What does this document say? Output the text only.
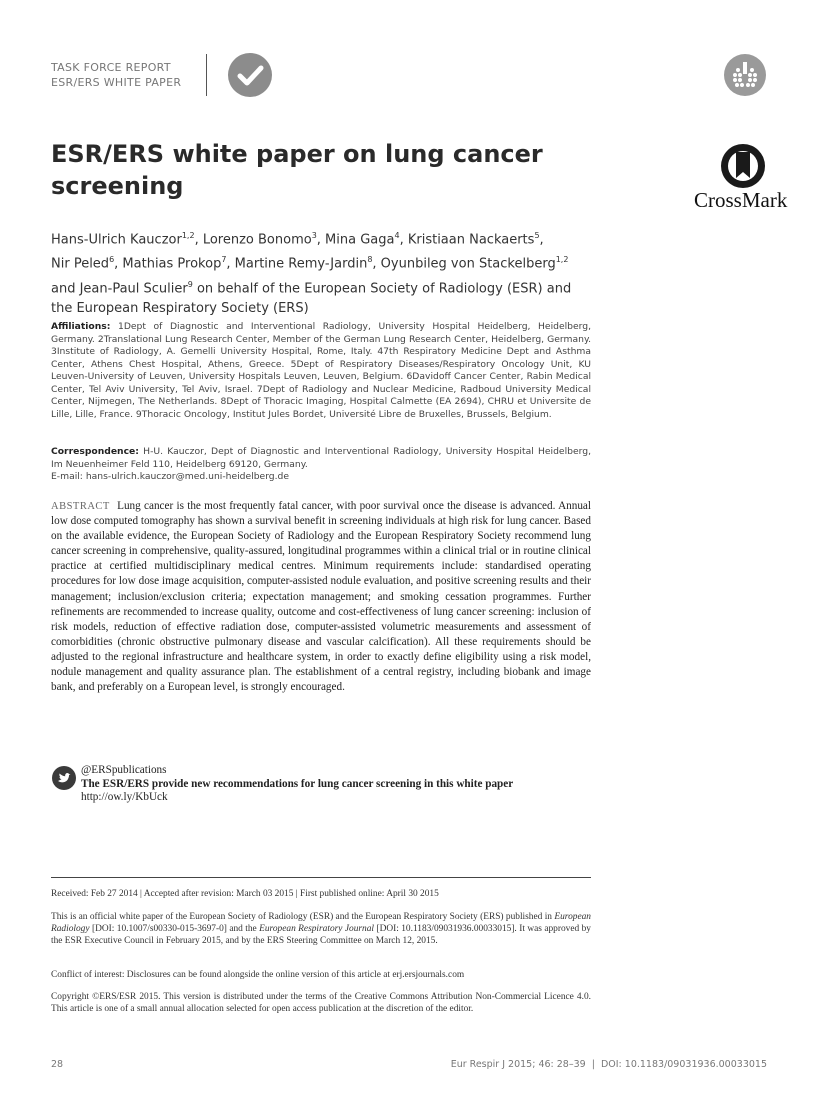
TASK FORCE REPORT
ESR/ERS WHITE PAPER
ESR/ERS white paper on lung cancer screening	CrossMark
Hans-Ulrich Kauczor$^{1,2}$, Lorenzo Bonomo$^3$, Mina Gaga$^4$, Kristiaan Nackaerts$^5$,
Nir Peled$^6$, Mathias Prokop$^7$, Martine Remy-Jardin$^8$, Oyunbileg von Stackelberg$^{1,2}$
and Jean-Paul Sculier$^9$ on behalf of the European Society of Radiology (ESR) and
the European Respiratory Society (ERS)
Affiliations: 1Dept of Diagnostic and Interventional Radiology, University Hospital Heidelberg, Heidelberg, Germany. 2Translational Lung Research Center, Member of the German Lung Research Center, Heidelberg, Germany. 3Institute of Radiology, A. Gemelli University Hospital, Rome, Italy. 47th Respiratory Medicine Dept and Asthma Center, Athens Chest Hospital, Athens, Greece. 5Dept of Respiratory Diseases/Respiratory Oncology Unit, KU Leuven-University of Leuven, University Hospitals Leuven, Leuven, Belgium. 6Davidoff Cancer Center, Rabin Medical Center, Tel Aviv University, Tel Aviv, Israel. 7Dept of Radiology and Nuclear Medicine, Radboud University Medical Center, Nijmegen, The Netherlands. 8Dept of Thoracic Imaging, Hospital Calmette (EA 2694), CHRU et Universite de Lille, Lille, France. 9Thoracic Oncology, Institut Jules Bordet, Université Libre de Bruxelles, Brussels, Belgium.
Correspondence: H-U. Kauczor, Dept of Diagnostic and Interventional Radiology, University Hospital Heidelberg, Im Neuenheimer Feld 110, Heidelberg 69120, Germany.
E-mail: hans-ulrich.kauczor@med.uni-heidelberg.de
ABSTRACT Lung cancer is the most frequently fatal cancer, with poor survival once the disease is advanced. Annual low dose computed tomography has shown a survival benefit in screening individuals at high risk for lung cancer. Based on the available evidence, the European Society of Radiology and the European Respiratory Society recommend lung cancer screening in comprehensive, quality-assured, longitudinal programmes within a clinical trial or in routine clinical practice at certified multidisciplinary medical centres. Minimum requirements include: standardised operating procedures for low dose image acquisition, computer-assisted nodule evaluation, and positive screening results and their management; inclusion/exclusion criteria; expectation management; and smoking cessation programmes. Further refinements are recommended to increase quality, outcome and cost-effectiveness of lung cancer screening: inclusion of risk models, reduction of effective radiation dose, computer-assisted volumetric measurements and assessment of comorbidities (chronic obstructive pulmonary disease and vascular calcification). All these requirements should be adjusted to the regional infrastructure and healthcare system, in order to exactly define eligibility using a risk model, nodule management and quality assurance plan. The establishment of a central registry, including biobank and image bank, and preferably on a European level, is strongly encouraged.
@ERSpublications
The ESR/ERS provide new recommendations for lung cancer screening in this white paper
http://ow.ly/KbUck
Received: Feb 27 2014 | Accepted after revision: March 03 2015 | First published online: April 30 2015
This is an official white paper of the European Society of Radiology (ESR) and the European Respiratory Society (ERS) published in European Radiology [DOI: 10.1007/s00330-015-3697-0] and the European Respiratory Journal [DOI: 10.1183/09031936.00033015]. It was approved by the ESR Executive Council in February 2015, and by the ERS Steering Committee on March 12, 2015.
Conflict of interest: Disclosures can be found alongside the online version of this article at erj.ersjournals.com
Copyright ©ERS/ESR 2015. This version is distributed under the terms of the Creative Commons Attribution Non-Commercial Licence 4.0. This article is one of a small annual allocation selected for open access publication at the discretion of the editor.
28	Eur Respir J 2015; 46: 28–39  |  DOI: 10.1183/09031936.00033015
